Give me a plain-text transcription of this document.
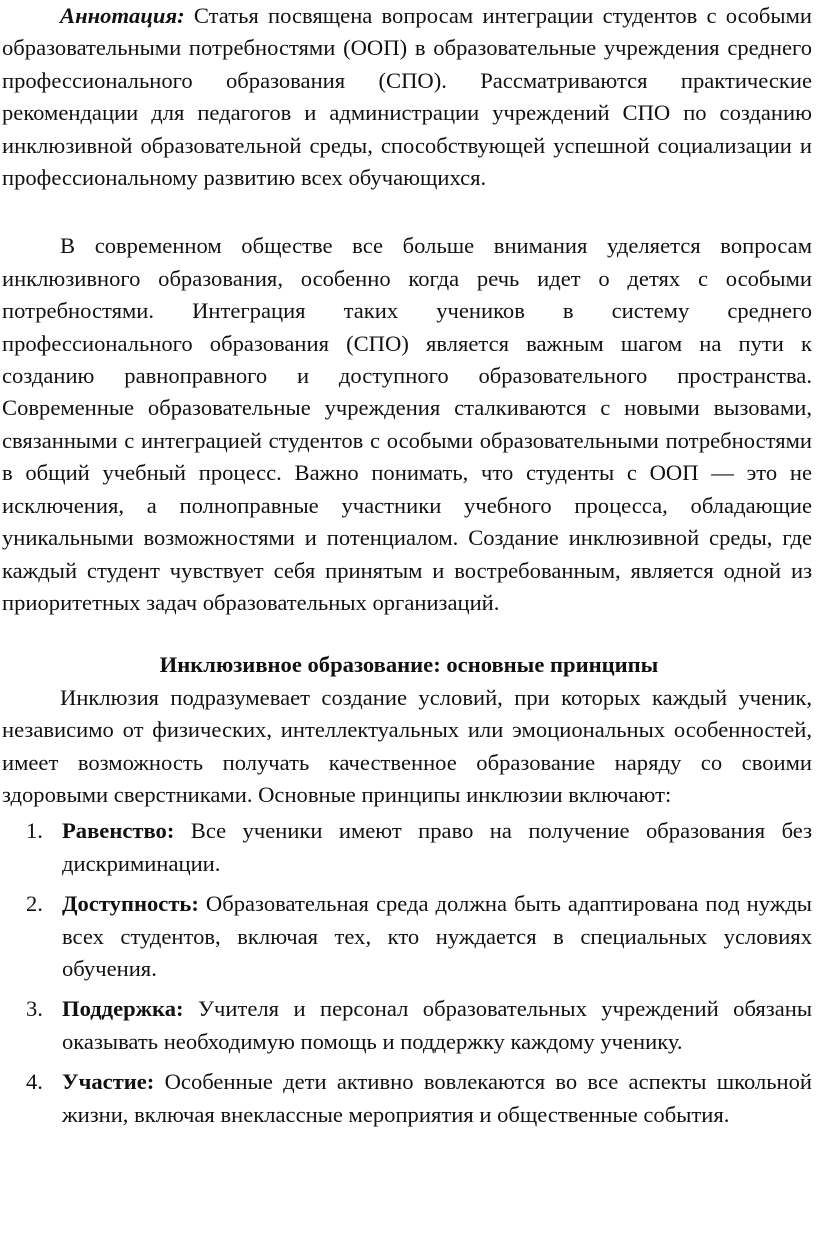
Аннотация: Статья посвящена вопросам интеграции студентов с особыми образовательными потребностями (ООП) в образовательные учреждения среднего профессионального образования (СПО). Рассматриваются практические рекомендации для педагогов и администрации учреждений СПО по созданию инклюзивной образовательной среды, способствующей успешной социализации и профессиональному развитию всех обучающихся.

В современном обществе все больше внимания уделяется вопросам инклюзивного образования, особенно когда речь идет о детях с особыми потребностями. Интеграция таких учеников в систему среднего профессионального образования (СПО) является важным шагом на пути к созданию равноправного и доступного образовательного пространства. Современные образовательные учреждения сталкиваются с новыми вызовами, связанными с интеграцией студентов с особыми образовательными потребностями в общий учебный процесс. Важно понимать, что студенты с ООП — это не исключения, а полноправные участники учебного процесса, обладающие уникальными возможностями и потенциалом. Создание инклюзивной среды, где каждый студент чувствует себя принятым и востребованным, является одной из приоритетных задач образовательных организаций.

Инклюзивное образование: основные принципы

Инклюзия подразумевает создание условий, при которых каждый ученик, независимо от физических, интеллектуальных или эмоциональных особенностей, имеет возможность получать качественное образование наряду со своими здоровыми сверстниками. Основные принципы инклюзии включают:

1. Равенство: Все ученики имеют право на получение образования без дискриминации.
2. Доступность: Образовательная среда должна быть адаптирована под нужды всех студентов, включая тех, кто нуждается в специальных условиях обучения.
3. Поддержка: Учителя и персонал образовательных учреждений обязаны оказывать необходимую помощь и поддержку каждому ученику.
4. Участие: Особенные дети активно вовлекаются во все аспекты школьной жизни, включая внеклассные мероприятия и общественные события.
